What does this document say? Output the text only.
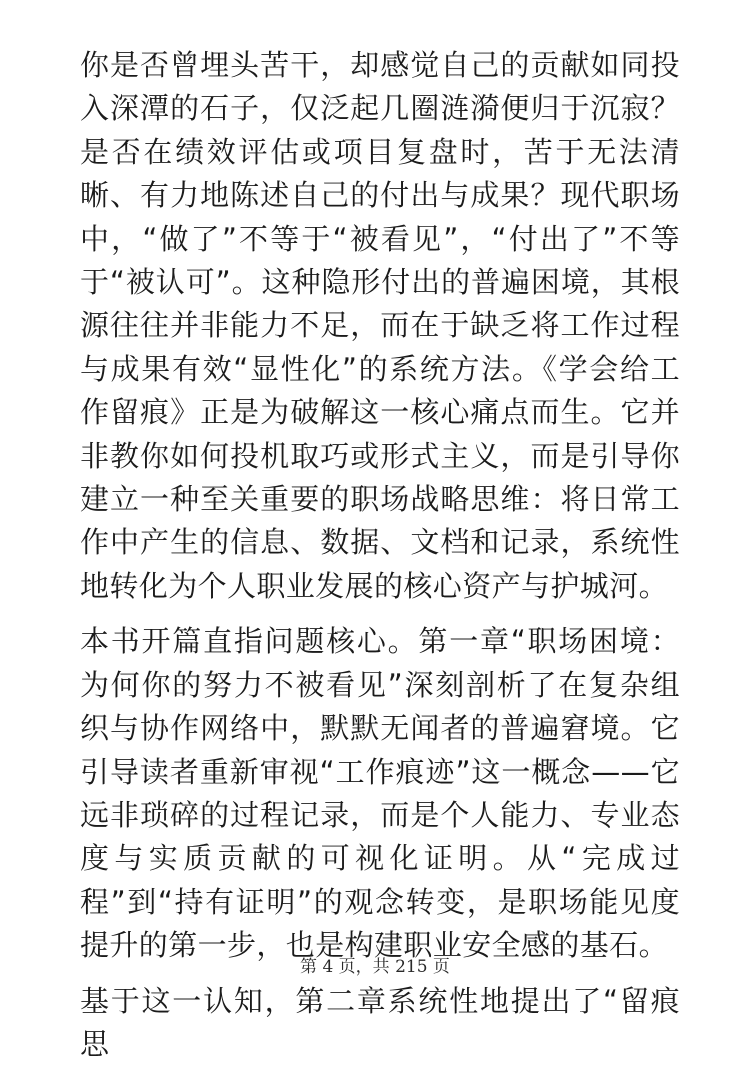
你是否曾埋头苦干，却感觉自己的贡献如同投入深潭的石子，仅泛起几圈涟漪便归于沉寂？是否在绩效评估或项目复盘时，苦于无法清晰、有力地陈述自己的付出与成果？现代职场中，“做了”不等于“被看见”，“付出了”不等于“被认可”。这种隐形付出的普遍困境，其根源往往并非能力不足，而在于缺乏将工作过程与成果有效“显性化”的系统方法。《学会给工作留痕》正是为破解这一核心痛点而生。它并非教你如何投机取巧或形式主义，而是引导你建立一种至关重要的职场战略思维：将日常工作中产生的信息、数据、文档和记录，系统性地转化为个人职业发展的核心资产与护城河。

本书开篇直指问题核心。第一章“职场困境：为何你的努力不被看见”深刻剖析了在复杂组织与协作网络中，默默无闻者的普遍窘境。它引导读者重新审视“工作痕迹”这一概念——它远非琐碎的过程记录，而是个人能力、专业态度与实质贡献的可视化证明。从“完成过程”到“持有证明”的观念转变，是职场能见度提升的第一步，也是构建职业安全感的基石。

基于这一认知，第二章系统性地提出了“留痕思

第 4 页，共 215 页
